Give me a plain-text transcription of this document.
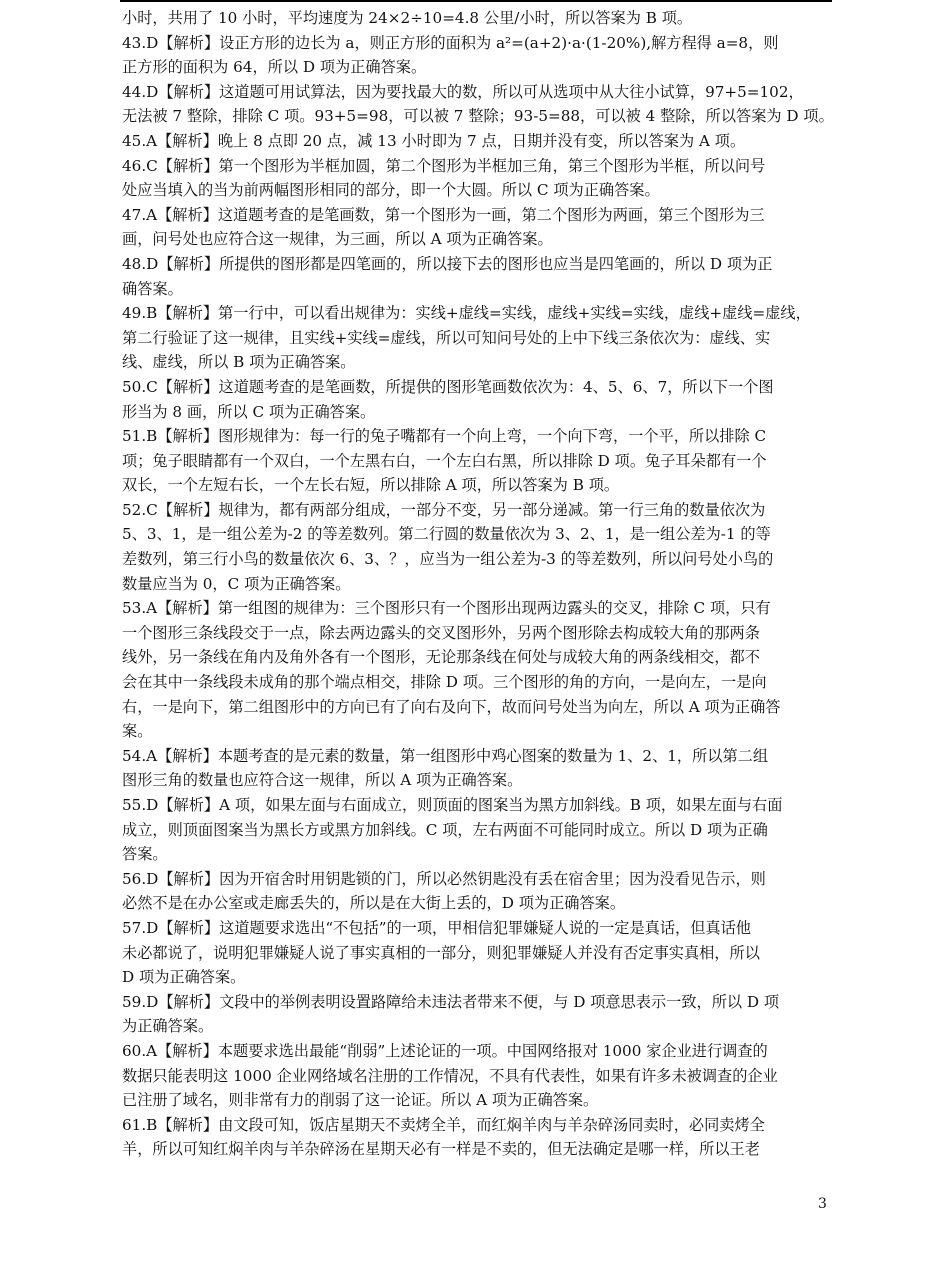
小时，共用了 10 小时，平均速度为 24×2÷10=4.8 公里/小时，所以答案为 B 项。
43.D【解析】设正方形的边长为 a，则正方形的面积为 a²=(a+2)·a·(1-20%),解方程得 a=8，则
正方形的面积为 64，所以 D 项为正确答案。
44.D【解析】这道题可用试算法，因为要找最大的数，所以可从选项中从大往小试算，97+5=102，
无法被 7 整除，排除 C 项。93+5=98，可以被 7 整除；93-5=88，可以被 4 整除，所以答案为 D 项。
45.A【解析】晚上 8 点即 20 点，减 13 小时即为 7 点，日期并没有变，所以答案为 A 项。
46.C【解析】第一个图形为半框加圆，第二个图形为半框加三角，第三个图形为半框，所以问号
处应当填入的当为前两幅图形相同的部分，即一个大圆。所以 C 项为正确答案。
47.A【解析】这道题考查的是笔画数，第一个图形为一画，第二个图形为两画，第三个图形为三
画，问号处也应符合这一规律，为三画，所以 A 项为正确答案。
48.D【解析】所提供的图形都是四笔画的，所以接下去的图形也应当是四笔画的，所以 D 项为正
确答案。
49.B【解析】第一行中，可以看出规律为：实线+虚线=实线，虚线+实线=实线，虚线+虚线=虚线，
第二行验证了这一规律，且实线+实线=虚线，所以可知问号处的上中下线三条依次为：虚线、实
线、虚线，所以 B 项为正确答案。
50.C【解析】这道题考查的是笔画数，所提供的图形笔画数依次为：4、5、6、7，所以下一个图
形当为 8 画，所以 C 项为正确答案。
51.B【解析】图形规律为：每一行的兔子嘴都有一个向上弯，一个向下弯，一个平，所以排除 C
项；兔子眼睛都有一个双白，一个左黑右白，一个左白右黑，所以排除 D 项。兔子耳朵都有一个
双长，一个左短右长，一个左长右短，所以排除 A 项，所以答案为 B 项。
52.C【解析】规律为，都有两部分组成，一部分不变，另一部分递减。第一行三角的数量依次为
5、3、1，是一组公差为-2 的等差数列。第二行圆的数量依次为 3、2、1，是一组公差为-1 的等
差数列，第三行小鸟的数量依次 6、3、？，应当为一组公差为-3 的等差数列，所以问号处小鸟的
数量应当为 0，C 项为正确答案。
53.A【解析】第一组图的规律为：三个图形只有一个图形出现两边露头的交叉，排除 C 项，只有
一个图形三条线段交于一点，除去两边露头的交叉图形外，另两个图形除去构成较大角的那两条
线外，另一条线在角内及角外各有一个图形，无论那条线在何处与成较大角的两条线相交，都不
会在其中一条线段未成角的那个端点相交，排除 D 项。三个图形的角的方向，一是向左，一是向
右，一是向下，第二组图形中的方向已有了向右及向下，故而问号处当为向左，所以 A 项为正确答
案。
54.A【解析】本题考查的是元素的数量，第一组图形中鸡心图案的数量为 1、2、1，所以第二组
图形三角的数量也应符合这一规律，所以 A 项为正确答案。
55.D【解析】A 项，如果左面与右面成立，则顶面的图案当为黑方加斜线。B 项，如果左面与右面
成立，则顶面图案当为黑长方或黑方加斜线。C 项，左右两面不可能同时成立。所以 D 项为正确
答案。
56.D【解析】因为开宿舍时用钥匙锁的门，所以必然钥匙没有丢在宿舍里；因为没看见告示，则
必然不是在办公室或走廊丢失的，所以是在大街上丢的，D 项为正确答案。
57.D【解析】这道题要求选出“不包括”的一项，甲相信犯罪嫌疑人说的一定是真话，但真话他
未必都说了，说明犯罪嫌疑人说了事实真相的一部分，则犯罪嫌疑人并没有否定事实真相，所以
D 项为正确答案。
59.D【解析】文段中的举例表明设置路障给未违法者带来不便，与 D 项意思表示一致，所以 D 项
为正确答案。
60.A【解析】本题要求选出最能“削弱”上述论证的一项。中国网络报对 1000 家企业进行调查的
数据只能表明这 1000 企业网络域名注册的工作情况，不具有代表性，如果有许多未被调查的企业
已注册了域名，则非常有力的削弱了这一论证。所以 A 项为正确答案。
61.B【解析】由文段可知，饭店星期天不卖烤全羊，而红焖羊肉与羊杂碎汤同卖时，必同卖烤全
羊，所以可知红焖羊肉与羊杂碎汤在星期天必有一样是不卖的，但无法确定是哪一样，所以王老
3
